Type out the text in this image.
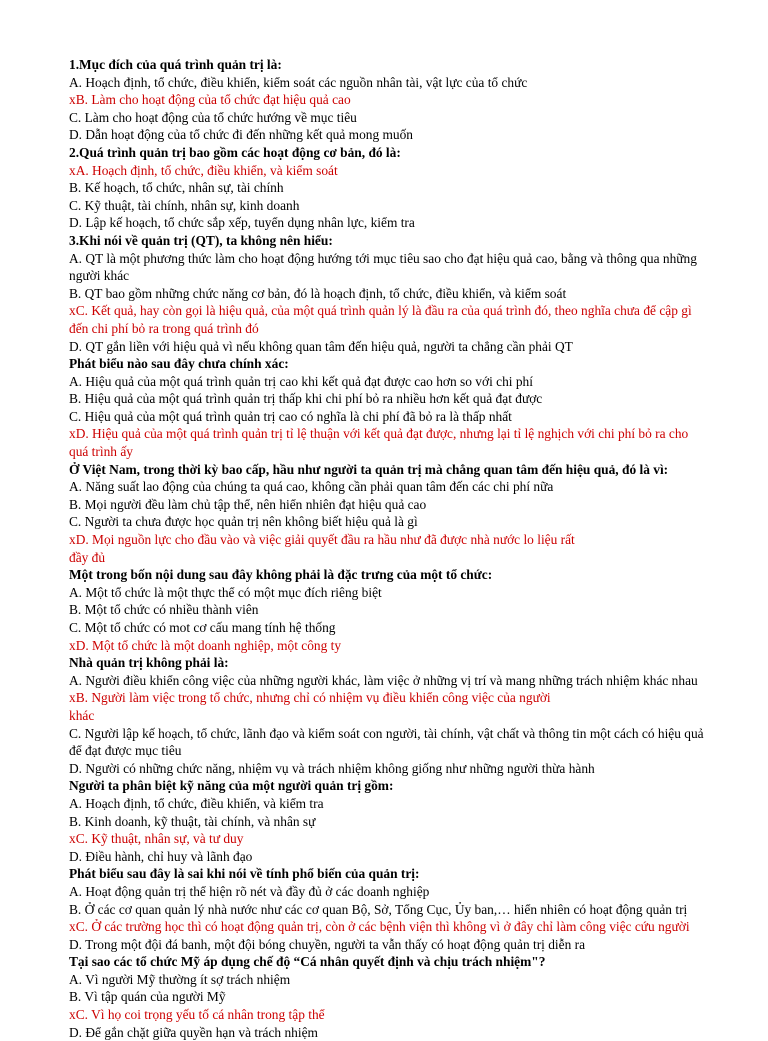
1.Mục đích của quá trình quản trị là:
A. Hoạch định, tổ chức, điều khiển, kiểm soát các nguồn nhân tài, vật lực của tổ chức
xB. Làm cho hoạt động của tổ chức đạt hiệu quả cao
C. Làm cho hoạt động của tổ chức hướng về mục tiêu
D. Dẫn hoạt động của tổ chức đi đến những kết quả mong muốn
2.Quá trình quản trị bao gồm các hoạt động cơ bản, đó là:
xA. Hoạch định, tổ chức, điều khiển, và kiểm soát
B. Kế hoạch, tổ chức, nhân sự, tài chính
C. Kỹ thuật, tài chính, nhân sự, kinh doanh
D. Lập kế hoạch, tổ chức sắp xếp, tuyển dụng nhân lực, kiểm tra
3.Khi nói về quản trị (QT), ta không nên hiểu:
A. QT là một phương thức làm cho hoạt động hướng tới mục tiêu sao cho đạt hiệu quả cao, bằng và thông qua những người khác
B. QT bao gồm những chức năng cơ bản, đó là hoạch định, tổ chức, điều khiển, và kiểm soát
xC. Kết quả, hay còn gọi là hiệu quả, của một quá trình quản lý là đầu ra của quá trình đó, theo nghĩa chưa để cập gì đến chi phí bỏ ra trong quá trình đó
D. QT gắn liền với hiệu quả vì nếu không quan tâm đến hiệu quả, người ta chẳng cần phải QT
Phát biểu nào sau đây chưa chính xác:
A. Hiệu quả của một quá trình quản trị cao khi kết quả đạt được cao hơn so với chi phí
B. Hiệu quả của một quá trình quản trị thấp khi chi phí bỏ ra nhiều hơn kết quả đạt được
C. Hiệu quả của một quá trình quản trị cao có nghĩa là chi phí đã bỏ ra là thấp nhất
xD. Hiệu quả của một quá trình quản trị tỉ lệ thuận với kết quả đạt được, nhưng lại tỉ lệ nghịch với chi phí bỏ ra cho quá trình ấy
Ở Việt Nam, trong thời kỳ bao cấp, hầu như người ta quản trị mà chẳng quan tâm đến hiệu quả, đó là vì:
A. Năng suất lao động của chúng ta quá cao, không cần phải quan tâm đến các chi phí nữa
B. Mọi người đều làm chủ tập thể, nên hiển nhiên đạt hiệu quả cao
C. Người ta chưa được học quản trị nên không biết hiệu quả là gì
xD. Mọi nguồn lực cho đầu vào và việc giải quyết đầu ra hầu như đã được nhà nước lo liệu rất
đầy đủ
Một trong bốn nội dung sau đây không phải là đặc trưng của một tổ chức:
A. Một tổ chức là một thực thể có một mục đích riêng biệt
B. Một tổ chức có nhiều thành viên
C. Một tổ chức có mot cơ cấu mang tính hệ thống
xD. Một tổ chức là một doanh nghiệp, một công ty
Nhà quản trị không phải là:
A. Người điều khiển công việc của những người khác, làm việc ở những vị trí và mang những trách nhiệm khác nhau
xB. Người làm việc trong tổ chức, nhưng chỉ có nhiệm vụ điều khiển công việc của người
khác
C. Người lập kế hoạch, tổ chức, lãnh đạo và kiểm soát con người, tài chính, vật chất và thông tin một cách có hiệu quả để đạt được mục tiêu
D. Người có những chức năng, nhiệm vụ và trách nhiệm không giống như những người thừa hành
Người ta phân biệt kỹ năng của một người quản trị gồm:
A. Hoạch định, tổ chức, điều khiển, và kiểm tra
B. Kinh doanh, kỹ thuật, tài chính, và nhân sự
xC. Kỹ thuật, nhân sự, và tư duy
D. Điều hành, chỉ huy và lãnh đạo
Phát biểu sau đây là sai khi nói về tính phổ biến của quản trị:
A. Hoạt động quản trị thể hiện rõ nét và đầy đủ ở các doanh nghiệp
B. Ở các cơ quan quản lý nhà nước như các cơ quan Bộ, Sở, Tổng Cục, Ủy ban,… hiển nhiên có hoạt động quản trị
xC. Ở các trường học thì có hoạt động quản trị, còn ở các bệnh viện thì không vì ở đây chỉ làm công việc cứu người
D. Trong một đội đá banh, một đội bóng chuyền, người ta vẫn thấy có hoạt động quản trị diễn ra
Tại sao các tổ chức Mỹ áp dụng chế độ “Cá nhân quyết định và chịu trách nhiệm"?
A. Vì người Mỹ thường ít sợ trách nhiệm
B. Vì tập quán của người Mỹ
xC. Vì họ coi trọng yếu tố cá nhân trong tập thể
D. Để gắn chặt giữa quyền hạn và trách nhiệm
